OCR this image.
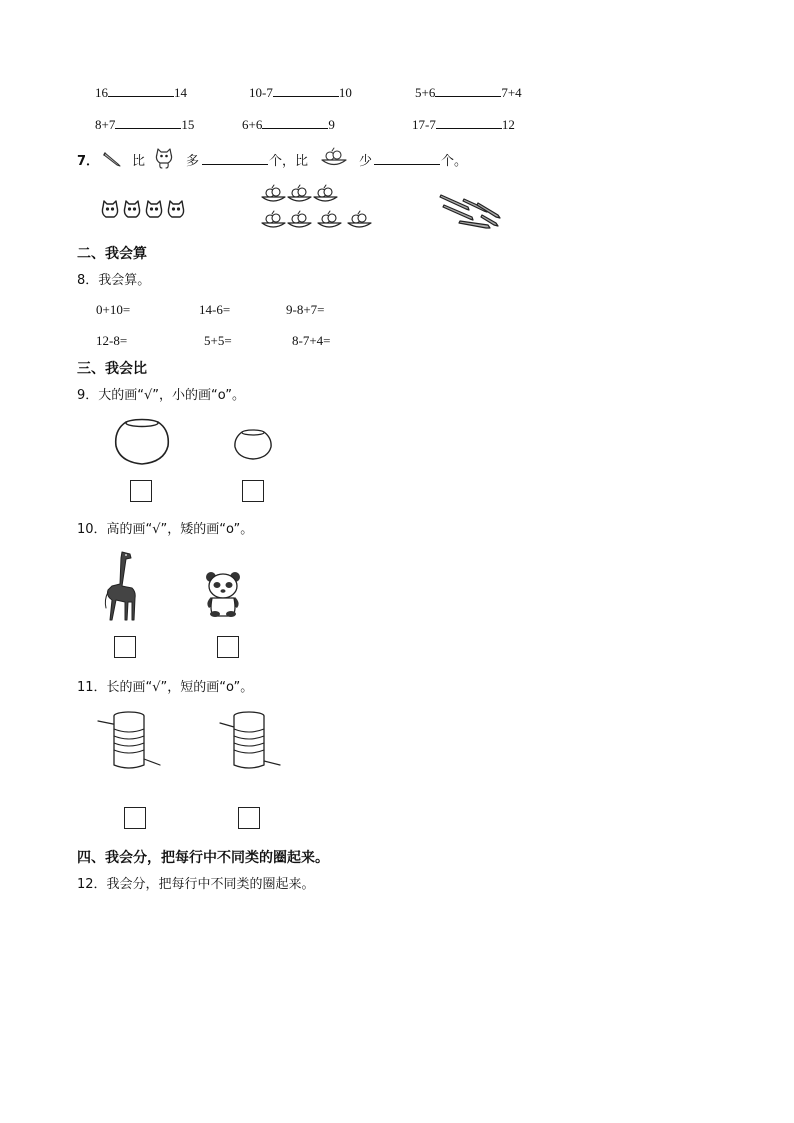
16	14	10-7	10	5+6	7+4
8+7	15	6+6	9	17-7	12
7．	比	多	个，比	少	个。
二、我会算
8．我会算。
0+10=	14-6=	9-8+7=
12-8=	5+5=	8-7+4=
三、我会比
9．大的画“√”，小的画“o”。
10．高的画“√”，矮的画“o”。
11．长的画“√”，短的画“o”。
四、我会分，把每行中不同类的圈起来。
12．我会分，把每行中不同类的圈起来。
